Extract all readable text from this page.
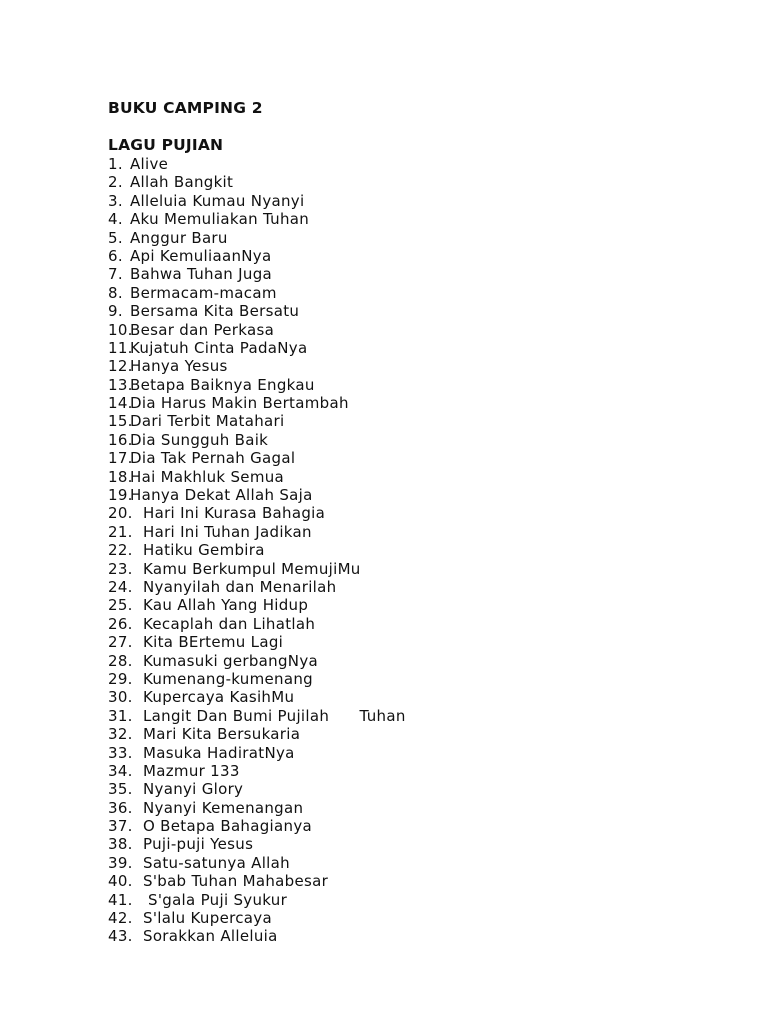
BUKU CAMPING 2
LAGU PUJIAN
1. Alive
2. Allah Bangkit
3. Alleluia Kumau Nyanyi
4. Aku Memuliakan Tuhan
5. Anggur Baru
6. Api KemuliaanNya
7. Bahwa Tuhan Juga
8. Bermacam-macam
9. Bersama Kita Bersatu
10.
Besar dan Perkasa
11.
Kujatuh Cinta PadaNya
12.
Hanya Yesus
13.
Betapa Baiknya Engkau
14.
Dia Harus Makin Bertambah
15.
Dari Terbit Matahari
16.
Dia Sungguh Baik
17.
Dia Tak Pernah Gagal
18.
Hai Makhluk Semua
19.
Hanya Dekat Allah Saja
20. Hari Ini Kurasa Bahagia
21. Hari Ini Tuhan Jadikan
22. Hatiku Gembira
23. Kamu Berkumpul MemujiMu
24. Nyanyilah dan Menarilah
25. Kau Allah Yang Hidup
26. Kecaplah dan Lihatlah
27. Kita BErtemu Lagi
28. Kumasuki gerbangNya
29. Kumenang-kumenang
30. Kupercaya KasihMu
31. Langit Dan Bumi Pujilah      Tuhan
32. Mari Kita Bersukaria
33. Masuka HadiratNya
34. Mazmur 133
35. Nyanyi Glory
36. Nyanyi Kemenangan
37. O Betapa Bahagianya
38. Puji-puji Yesus
39. Satu-satunya Allah
40. S'bab Tuhan Mahabesar
41.	S'gala Puji Syukur
42. S'lalu Kupercaya
43. Sorakkan Alleluia
